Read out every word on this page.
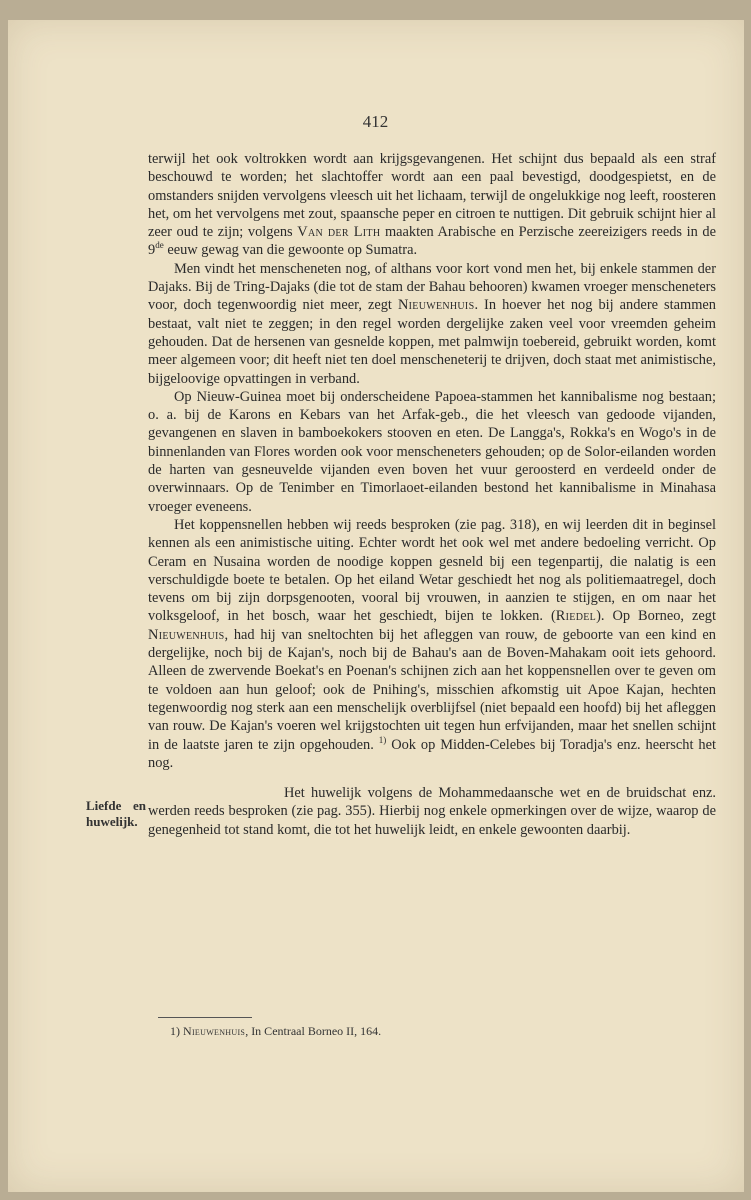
412

terwijl het ook voltrokken wordt aan krijgsgevangenen. Het schijnt dus bepaald als een straf beschouwd te worden; het slachtoffer wordt aan een paal bevestigd, doodgespietst, en de omstanders snijden vervolgens vleesch uit het lichaam, terwijl de ongelukkige nog leeft, roosteren het, om het vervolgens met zout, spaansche peper en citroen te nuttigen. Dit gebruik schijnt hier al zeer oud te zijn; volgens Van der Lith maakten Arabische en Perzische zeereizigers reeds in de 9de eeuw gewag van die gewoonte op Sumatra.

Men vindt het menscheneten nog, of althans voor kort vond men het, bij enkele stammen der Dajaks. Bij de Tring-Dajaks (die tot de stam der Bahau behooren) kwamen vroeger menscheneters voor, doch tegenwoordig niet meer, zegt Nieuwenhuis. In hoever het nog bij andere stammen bestaat, valt niet te zeggen; in den regel worden dergelijke zaken veel voor vreemden geheim gehouden. Dat de hersenen van gesnelde koppen, met palmwijn toebereid, gebruikt worden, komt meer algemeen voor; dit heeft niet ten doel menscheneterij te drijven, doch staat met animistische, bijgeloovige opvattingen in verband.

Op Nieuw-Guinea moet bij onderscheidene Papoea-stammen het kannibalisme nog bestaan; o. a. bij de Karons en Kebars van het Arfak-geb., die het vleesch van gedoode vijanden, gevangenen en slaven in bamboekokers stooven en eten. De Langga's, Rokka's en Wogo's in de binnenlanden van Flores worden ook voor menscheneters gehouden; op de Solor-eilanden worden de harten van gesneuvelde vijanden even boven het vuur geroosterd en verdeeld onder de overwinnaars. Op de Tenimber en Timorlaoet-eilanden bestond het kannibalisme in Minahasa vroeger eveneens.

Het koppensnellen hebben wij reeds besproken (zie pag. 318), en wij leerden dit in beginsel kennen als een animistische uiting. Echter wordt het ook wel met andere bedoeling verricht. Op Ceram en Nusaina worden de noodige koppen gesneld bij een tegenpartij, die nalatig is een verschuldigde boete te betalen. Op het eiland Wetar geschiedt het nog als politiemaatregel, doch tevens om bij zijn dorpsgenooten, vooral bij vrouwen, in aanzien te stijgen, en om naar het volksgeloof, in het bosch, waar het geschiedt, bijen te lokken. (Riedel). Op Borneo, zegt Nieuwenhuis, had hij van sneltochten bij het afleggen van rouw, de geboorte van een kind en dergelijke, noch bij de Kajan's, noch bij de Bahau's aan de Boven-Mahakam ooit iets gehoord. Alleen de zwervende Boekat's en Poenan's schijnen zich aan het koppensnellen over te geven om te voldoen aan hun geloof; ook de Pnihing's, misschien afkomstig uit Apoe Kajan, hechten tegenwoordig nog sterk aan een menschelijk overblijfsel (niet bepaald een hoofd) bij het afleggen van rouw. De Kajan's voeren wel krijgstochten uit tegen hun erfvijanden, maar het snellen schijnt in de laatste jaren te zijn opgehouden. $^{1)}$ Ook op Midden-Celebes bij Toradja's enz. heerscht het nog.

Liefde en huwelijk.

Het huwelijk volgens de Mohammedaansche wet en de bruidschat enz. werden reeds besproken (zie pag. 355). Hierbij nog enkele opmerkingen over de wijze, waarop de genegenheid tot stand komt, die tot het huwelijk leidt, en enkele gewoonten daarbij.

1) Nieuwenhuis, In Centraal Borneo II, 164.
